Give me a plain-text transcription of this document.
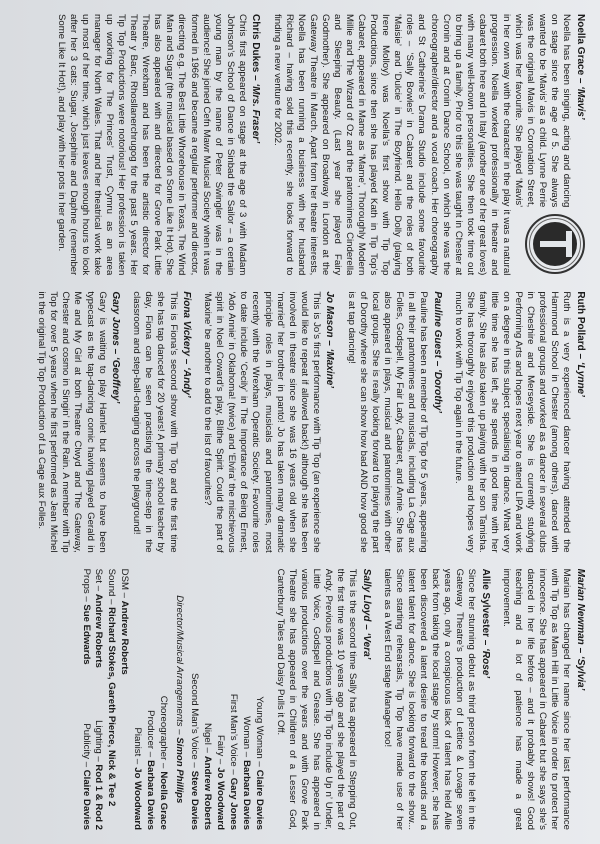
Noella Grace – ‘Mavis’

Noella has been singing, acting and dancing on stage since the age of 5. She always wanted to be ‘Mavis’ as a child. Lynne Perrie was the original Mavis in Coronation Street, which was her favourite. She played ‘Mavis’ in her own way with the character in the play it was a natural progression. Noella worked professionally in theatre and cabaret both here and in Italy (another one of her great loves) with many well-known personalities. She then took time out to bring up a family. Prior to this she was taught in Chester at Cronin and at Cronin Dance School, on which she was the choreographer/director and a vocal coach. Her choreography and St Catherine’s Drama Studio include some favourite roles – ‘Sally Bowles’ in Cabaret and the roles of both ‘Maisie’ and ‘Dulcie’ in The Boyfriend. Hello Dolly (playing Irene Molloy) was Noella’s first show with Tip Top Productions, since then she has played Kath in Tip Top’s Cabaret, appeared in Mame as ‘Mame’, Thoroughly Modern Millie and The Wizard of Oz and the pantomimes Cinderella and Sleeping Beauty. (Last year she played Fairy Godmother). She appeared on Broadway in London at the Gateway Theatre in March. Apart from her theatre interests, Noella has been running a business with her husband Richard – having sold this recently, she looks forward to finding a new venture for 2002.

Chris Dukes – ‘Mrs. Fraser’

Chris first appeared on stage at the age of 3 with Madam Johnson’s School of Dance in Sinbad the Sailor – a certain young man by the name of Peter Swingler was in the audience! She joined Cefn Mawr Musical Society when it was formed in 1966 and became a regular performer and director, directing e.g. The Best Little Whorehouse in Texas, The Wind Man and Sugar (the musical based on Some Like It Hot). She has also appeared with and directed for Grove Park Little Theatre, Wrexham and has been the artistic director for Theatr y Barc, Rhosllanerchrugog for the past 5 years. Her Tip Top Productions were notorious! Her profession is taken up working for The Princes’ Trust, Cymru as an area manager for North Wales. That and her theatrical work take up most of her time, which just leaves enough hours to look after her 3 cats: Sugar, Josephine and Daphne (remember Some Like It Hot!), and play with her pots in her garden.

Ruth Pollard – ‘Lynne’

Ruth is a very experienced dancer having attended the Hammond School in Chester (among others), danced with professional groups and worked as a dancer in several clubs in Cheshire and Merseyside. She is currently studying Performing Arts and hopes next year to attend LIPA and work on a degree in this subject specialising in dance. What very little time she has left, she spends in good time with her family. She has also taken up playing with her son Tamisha. She has thoroughly enjoyed this production and hopes very much to work with Tip Top again in the future.

Pauline Guest – ‘Dorothy’

Pauline has been a member of Tip Top for 5 years, appearing in all their pantomimes and musicals, including La Cage aux Folles, Godspell, My Fair Lady, Cabaret, and Annie. She has also appeared in plays, musical and pantomimes with other local groups. She is really looking forward to playing the part of Dorothy where she can show how bad AND how good she is at tap dancing!

Jo Mason – ‘Maxine’

This is Jo’s first performance with Tip Top (an experience she would like to repeat if allowed back!) although she has been involved in theatre since she was 16 years old when she ‘married’ her brother in panto! Jo has taken many dramatic principle roles in plays, musicals and pantomimes, most recently with the Wrexham Operatic Society. Favourite roles to date include ‘Cecily’ in The Importance of Being Ernest, ‘Ado Annie’ in Oklahoma! (twice) and ‘Elvira’ the mischievous spirit in Noel Coward’s play, Blithe Spirit. Could the part of ‘Maxine’ be another to add to the list of favourites?

Fiona Vickery – ‘Andy’

This is Fiona’s second show with Tip Top and the first time she has tap danced for 20 years! A primary school teacher by day, Fiona can be seen practising the time-step in the classroom and step-ball-changing across the playground!

Gary Jones – ‘Geoffrey’

Gary is waiting to play Hamlet but seems to have been typecast as the tap-dancing comic having played Gerald in Me and My Girl at both Theatre Clwyd and The Gateway, Chester and cosmo in Singin’ in the Rain. A member with Tip Top for over 5 years when he first performed as Jean Michel in the original Tip Top Production of La Cage aux Folles.

Marian Newman – ‘Sylvia’

Marian has changed her name since her last performance with Tip Top as Mam Hilt in Little Voice in order to protect her innocence. She has appeared in Cabaret but she says she’s danced in her life before – and it probably shows! Good teaching and a lot of patience has made a great improvement.

Allie Sylvester – ‘Rose’

Since her stunning debut as third person from the left in the Gateway Theatre’s production of Lettice & Lovage seven years ago, only a conspicuous lack of talent has held Allie back from taking the local stage by storm! However, she has been discovered a latent desire to tread the boards and a latent talent for dance. She is looking forward to the show... Since starting rehearsals, Tip Top have made use of her talents as a West End stage Manager too!

Sally Lloyd – ‘Vera’

This is the second time Sally has appeared in Stepping Out, the first time was 10 years ago and she played the part of Andy. Previous productions with Tip Top include Up n’ Under, Little Voice, Godspell and Grease. She has appeared in various productions over the years and with Grove Park Theatre she has appeared in Children of a Lesser God, Canterbury Tales and Daisy Pulls it Off.

Young Woman –
Claire Davies
Woman –
Barbara Davies
First Man’s Voice –
Gary Jones
Fairy –
Jo Woodward
Nigel –
Andrew Roberts
Second Man’s Voice –
Steve Davies
Director/Musical Arrangements – Simon Phillips
Choreographer –
Noella Grace
Producer –
Barbara Davies
Pianist –
Jo Woodward
DSM – Andrew Roberts
Sound – Richard Stokes, Gareth Pierce, Nick & Tee 2
Set – Andrew Roberts
Lighting – Rod 1 & Rod 2
Props – Sue Edwards
Publicity – Claire Davies
